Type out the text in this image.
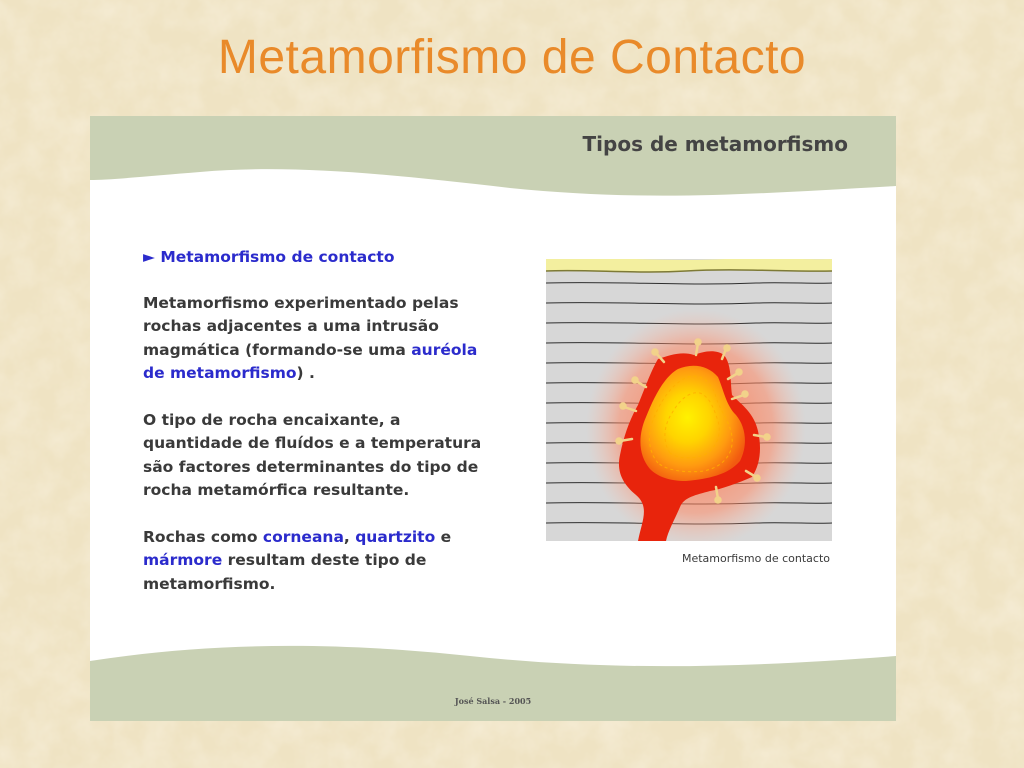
Metamorfismo de Contacto
Tipos de metamorfismo

► Metamorfismo de contacto

Metamorfismo experimentado pelas rochas adjacentes a uma intrusão magmática (formando-se uma auréola de metamorfismo) .

O tipo de rocha encaixante, a quantidade de fluídos e a temperatura são factores determinantes do tipo de rocha metamórfica resultante.

Rochas como corneana, quartzito e mármore resultam deste tipo de metamorfismo.

Metamorfismo de contacto
José Salsa - 2005
